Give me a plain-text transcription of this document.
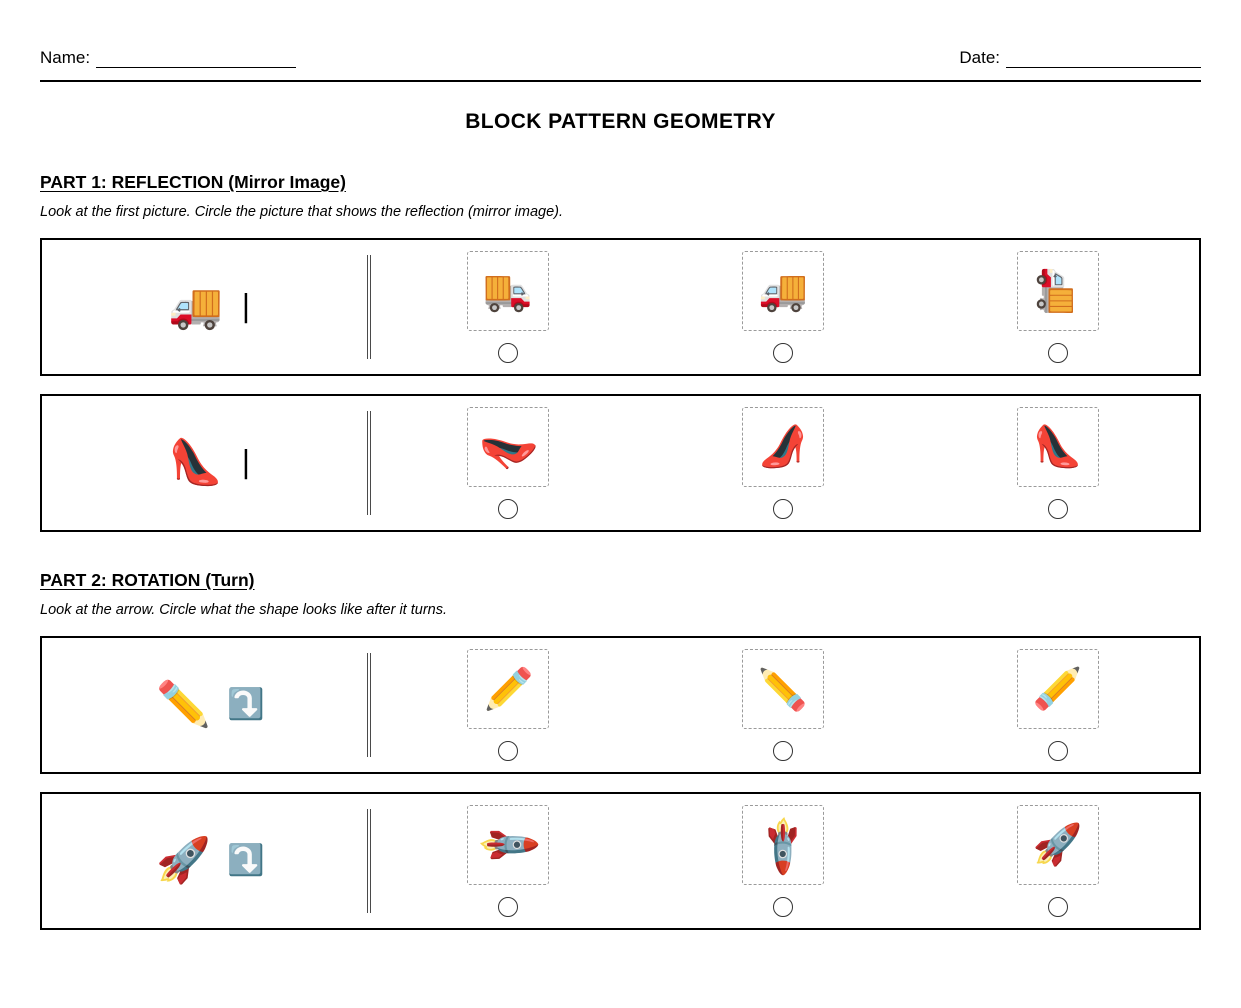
Name:	Date:
BLOCK PATTERN GEOMETRY
PART 1: REFLECTION (Mirror Image)
Look at the first picture. Circle the picture that shows the reflection (mirror image).
🚚 |	🚚	🚚	🚚
👠 |	👠	👠	👠
PART 2: ROTATION (Turn)
Look at the arrow. Circle what the shape looks like after it turns.
✏️ ⤵️	✏️	✏️	✏️
🚀 ⤵️	🚀	🚀	🚀
